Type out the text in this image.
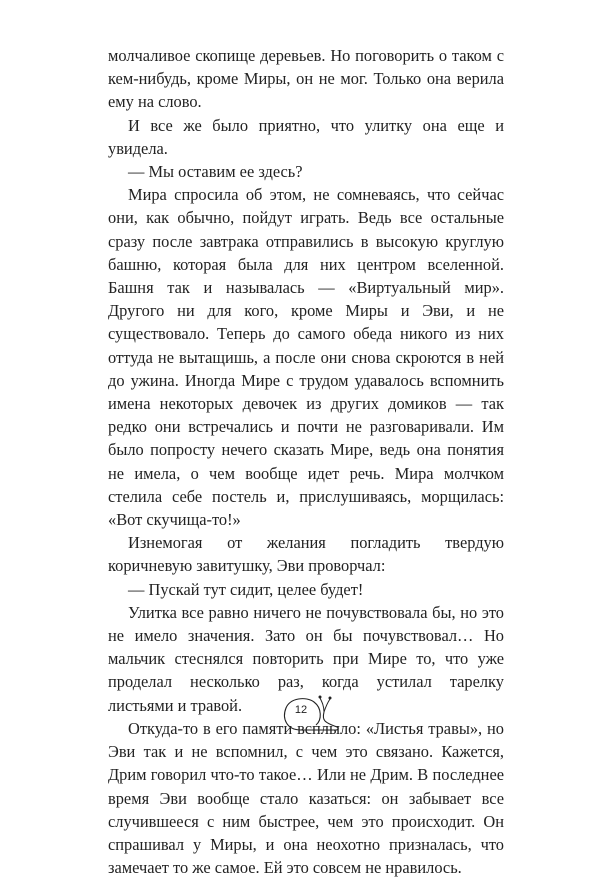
молчаливое скопище деревьев. Но поговорить о таком с кем-нибудь, кроме Миры, он не мог. Только она верила ему на слово.

И все же было приятно, что улитку она еще и увидела.

— Мы оставим ее здесь?

Мира спросила об этом, не сомневаясь, что сейчас они, как обычно, пойдут играть. Ведь все остальные сразу после завтрака отправились в высокую круглую башню, которая была для них центром вселенной. Башня так и называлась — «Виртуальный мир». Другого ни для кого, кроме Миры и Эви, и не существовало. Теперь до самого обеда никого из них оттуда не вытащишь, а после они снова скроются в ней до ужина. Иногда Мире с трудом удавалось вспомнить имена некоторых девочек из других домиков — так редко они встречались и почти не разговаривали. Им было попросту нечего сказать Мире, ведь она понятия не имела, о чем вообще идет речь. Мира молчком стелила себе постель и, прислушиваясь, морщилась: «Вот скучища-то!»

Изнемогая от желания погладить твердую коричневую завитушку, Эви проворчал:

— Пускай тут сидит, целее будет!

Улитка все равно ничего не почувствовала бы, но это не имело значения. Зато он бы почувствовал… Но мальчик стеснялся повторить при Мире то, что уже проделал несколько раз, когда устилал тарелку листьями и травой.

Откуда-то в его памяти всплыло: «Листья травы», но Эви так и не вспомнил, с чем это связано. Кажется, Дрим говорил что-то такое… Или не Дрим. В последнее время Эви вообще стало казаться: он забывает все случившееся с ним быстрее, чем это происходит. Он спрашивал у Миры, и она неохотно призналась, что замечает то же самое. Ей это совсем не нравилось.

12
